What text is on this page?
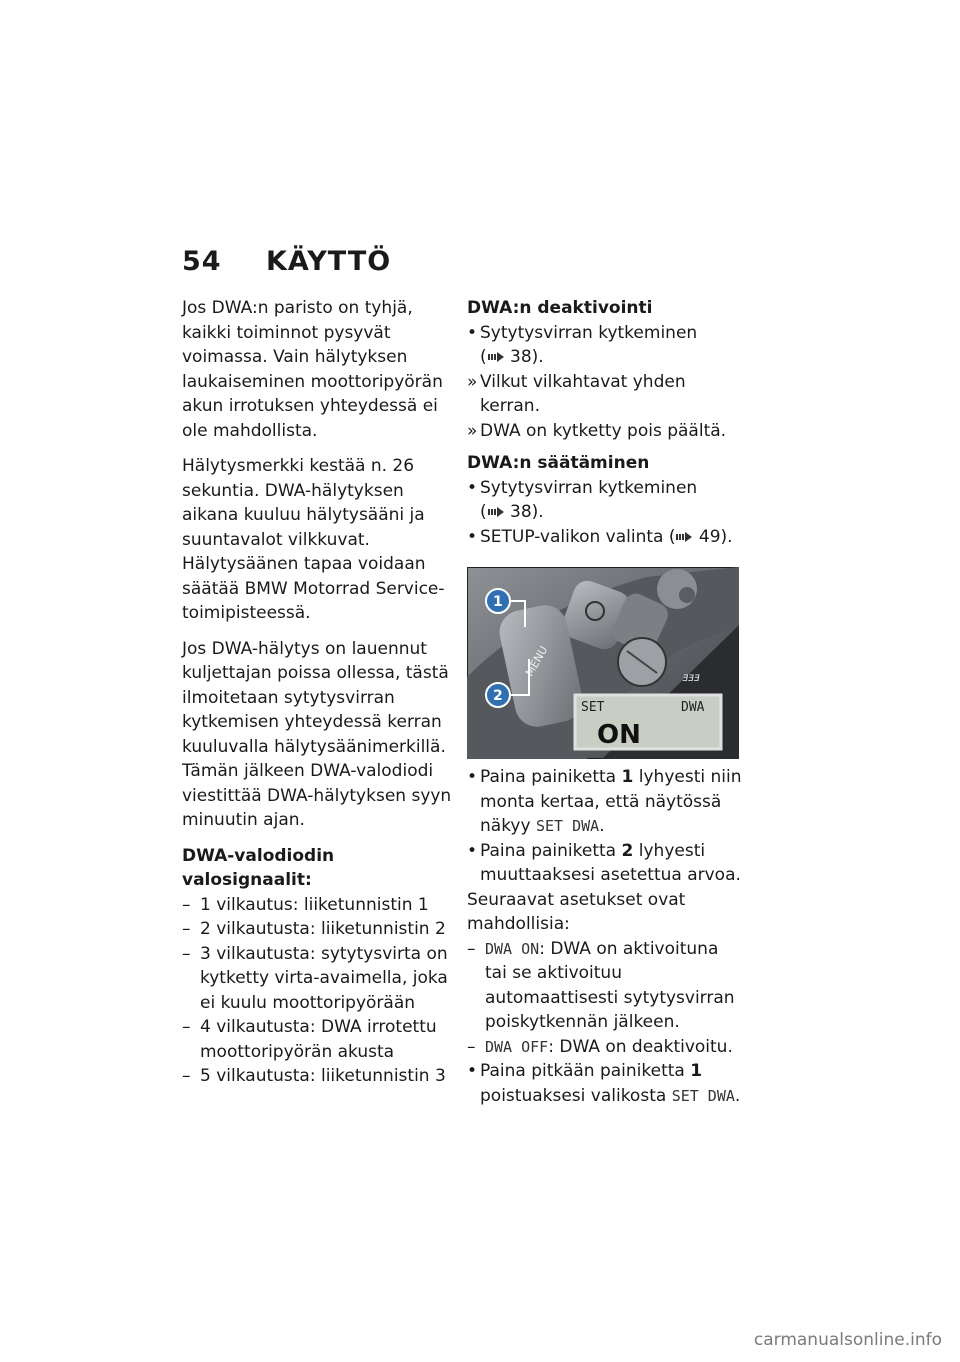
54 KÄYTTÖ

Jos DWA:n paristo on tyhjä, kaikki toiminnot pysyvät voimassa. Vain hälytyksen laukaiseminen moottoripyörän akun irrotuksen yhteydessä ei ole mahdollista.

Hälytysmerkki kestää n. 26 sekuntia. DWA-hälytyksen aikana kuuluu hälytysääni ja suuntavalot vilkkuvat. Hälytysäänen tapaa voidaan säätää BMW Motorrad Service-toimipisteessä.

Jos DWA-hälytys on lauennut kuljettajan poissa ollessa, tästä ilmoitetaan sytytysvirran kytkemisen yhteydessä kerran kuuluvalla hälytysäänimerkillä. Tämän jälkeen DWA-valodiodi viestittää DWA-hälytyksen syyn minuutin ajan.

DWA-valodiodin valosignaalit:
– 1 vilkautus: liiketunnistin 1
– 2 vilkautusta: liiketunnistin 2
– 3 vilkautusta: sytytysvirta on kytketty virta-avaimella, joka ei kuulu moottoripyörään
– 4 vilkautusta: DWA irrotettu moottoripyörän akusta
– 5 vilkautusta: liiketunnistin 3
DWA:n deaktivointi
• Sytytysvirran kytkeminen
( 38).
» Vilkut vilkahtavat yhden kerran.
» DWA on kytketty pois päältä.
DWA:n säätäminen
• Sytytysvirran kytkeminen
( 38).
• SETUP-valikon valinta ( 49).
ƎƎƎ
SET	DWA
ON
MENU
1
2
• Paina painiketta 1 lyhyesti niin monta kertaa, että näytössä näkyy SET DWA.
• Paina painiketta 2 lyhyesti muuttaaksesi asetettua arvoa.
Seuraavat asetukset ovat mahdollisia:
– DWA ON: DWA on aktivoituna tai se aktivoituu automaattisesti sytytysvirran poiskytkennän jälkeen.
– DWA OFF: DWA on deaktivoitu.
• Paina pitkään painiketta 1 poistuaksesi valikosta SET DWA.
carmanualsonline.info
